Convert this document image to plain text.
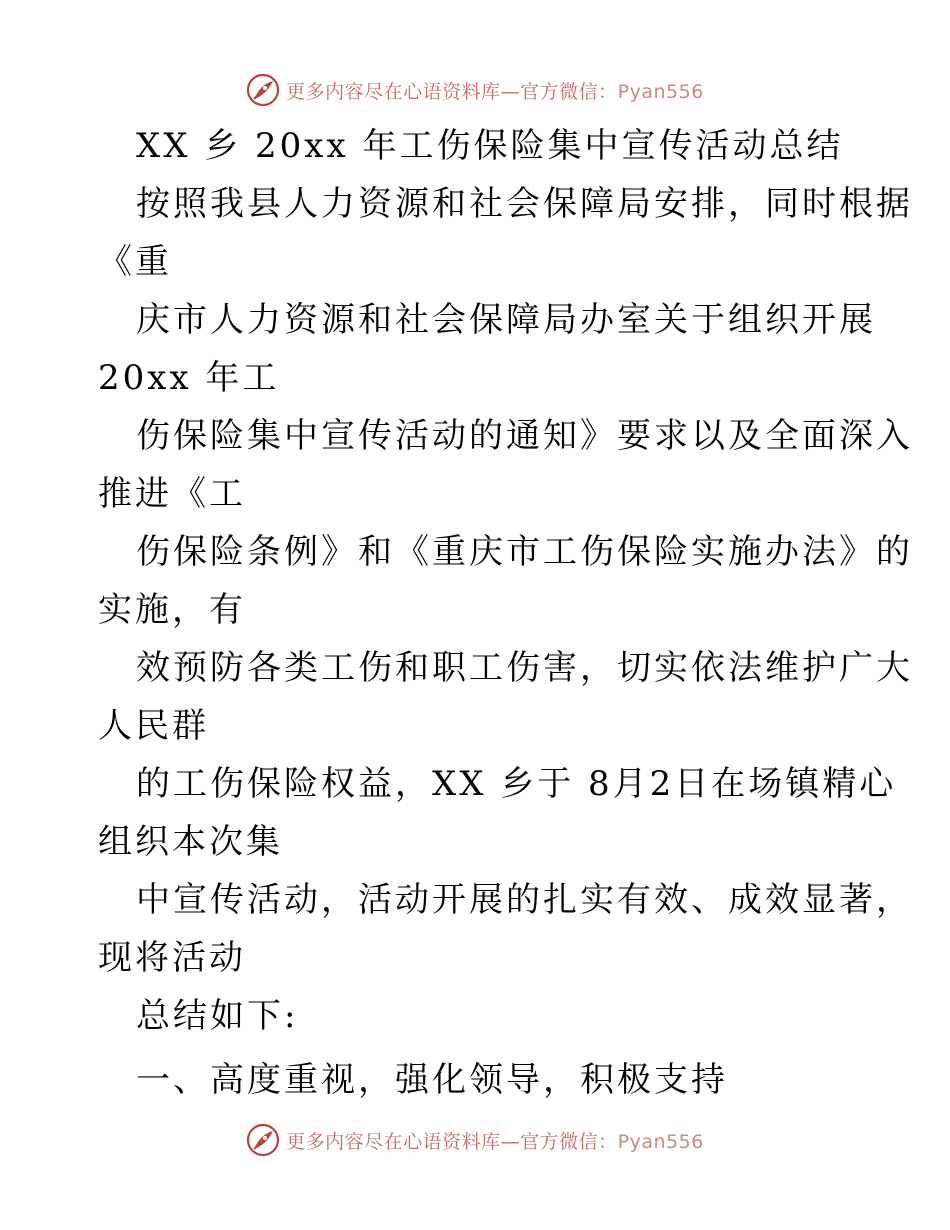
更多内容尽在心语资料库—官方微信：Pyan556
XX 乡 20xx 年工伤保险集中宣传活动总结
按照我县人力资源和社会保障局安排，同时根据
《重
庆市人力资源和社会保障局办室关于组织开展
20xx 年工
伤保险集中宣传活动的通知》要求以及全面深入
推进《工
伤保险条例》和《重庆市工伤保险实施办法》的
实施，有
效预防各类工伤和职工伤害，切实依法维护广大
人民群
的工伤保险权益，XX 乡于 8月2日在场镇精心
组织本次集
中宣传活动，活动开展的扎实有效、成效显著，
现将活动
总结如下:
一、高度重视，强化领导，积极支持
更多内容尽在心语资料库—官方微信：Pyan556
